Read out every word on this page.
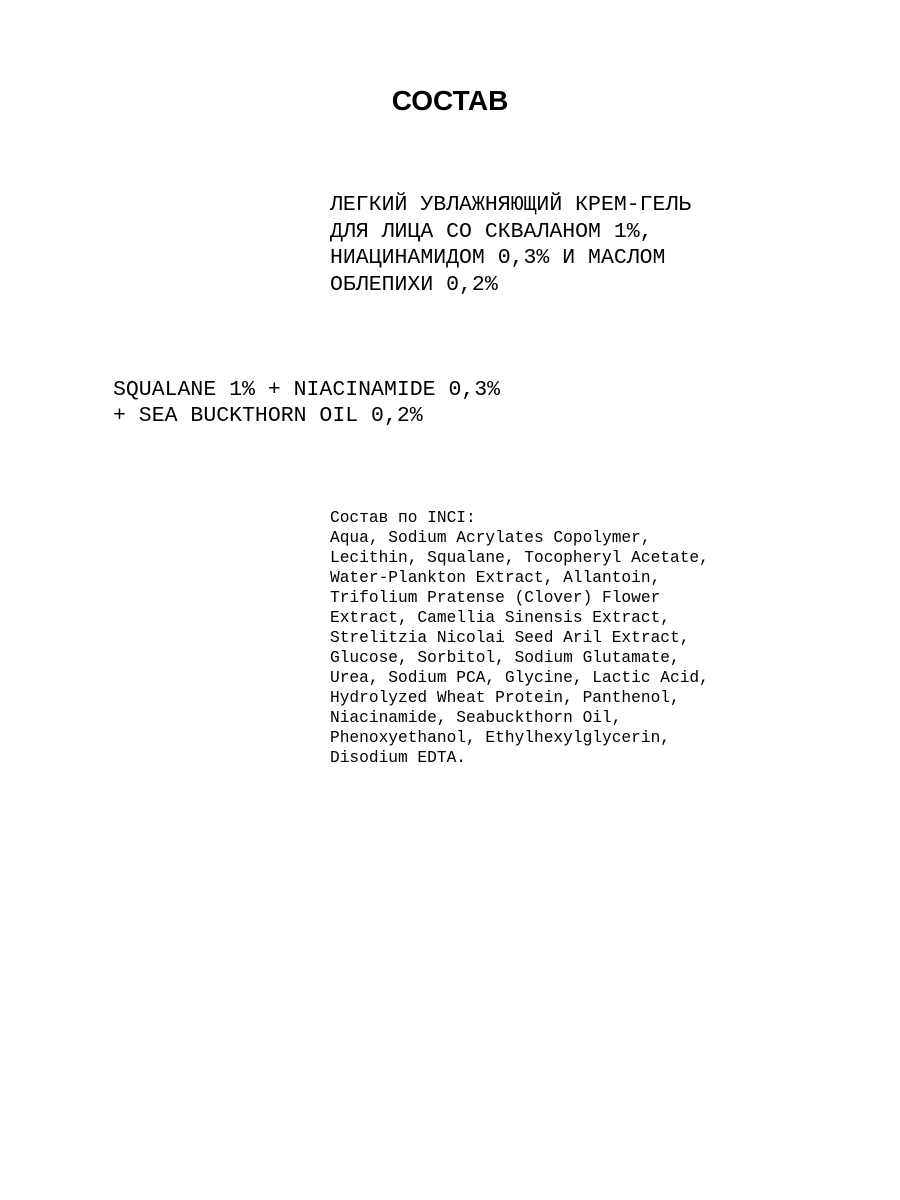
СОСТАВ
ЛЕГКИЙ УВЛАЖНЯЮЩИЙ КРЕМ-ГЕЛЬ
ДЛЯ ЛИЦА СО СКВАЛАНОМ 1%,
НИАЦИНАМИДОМ 0,3% И МАСЛОМ
ОБЛЕПИХИ 0,2%
SQUALANE 1% + NIACINAMIDE 0,3%
+ SEA BUCKTHORN OIL 0,2%
Состав по INCI:
Aqua, Sodium Acrylates Copolymer,
Lecithin, Squalane, Tocopheryl Acetate,
Water-Plankton Extract, Allantoin,
Trifolium Pratense (Clover) Flower
Extract, Camellia Sinensis Extract,
Strelitzia Nicolai Seed Aril Extract,
Glucose, Sorbitol, Sodium Glutamate,
Urea, Sodium PCA, Glycine, Lactic Acid,
Hydrolyzed Wheat Protein, Panthenol,
Niacinamide, Seabuckthorn Oil,
Phenoxyethanol, Ethylhexylglycerin,
Disodium EDTA.
